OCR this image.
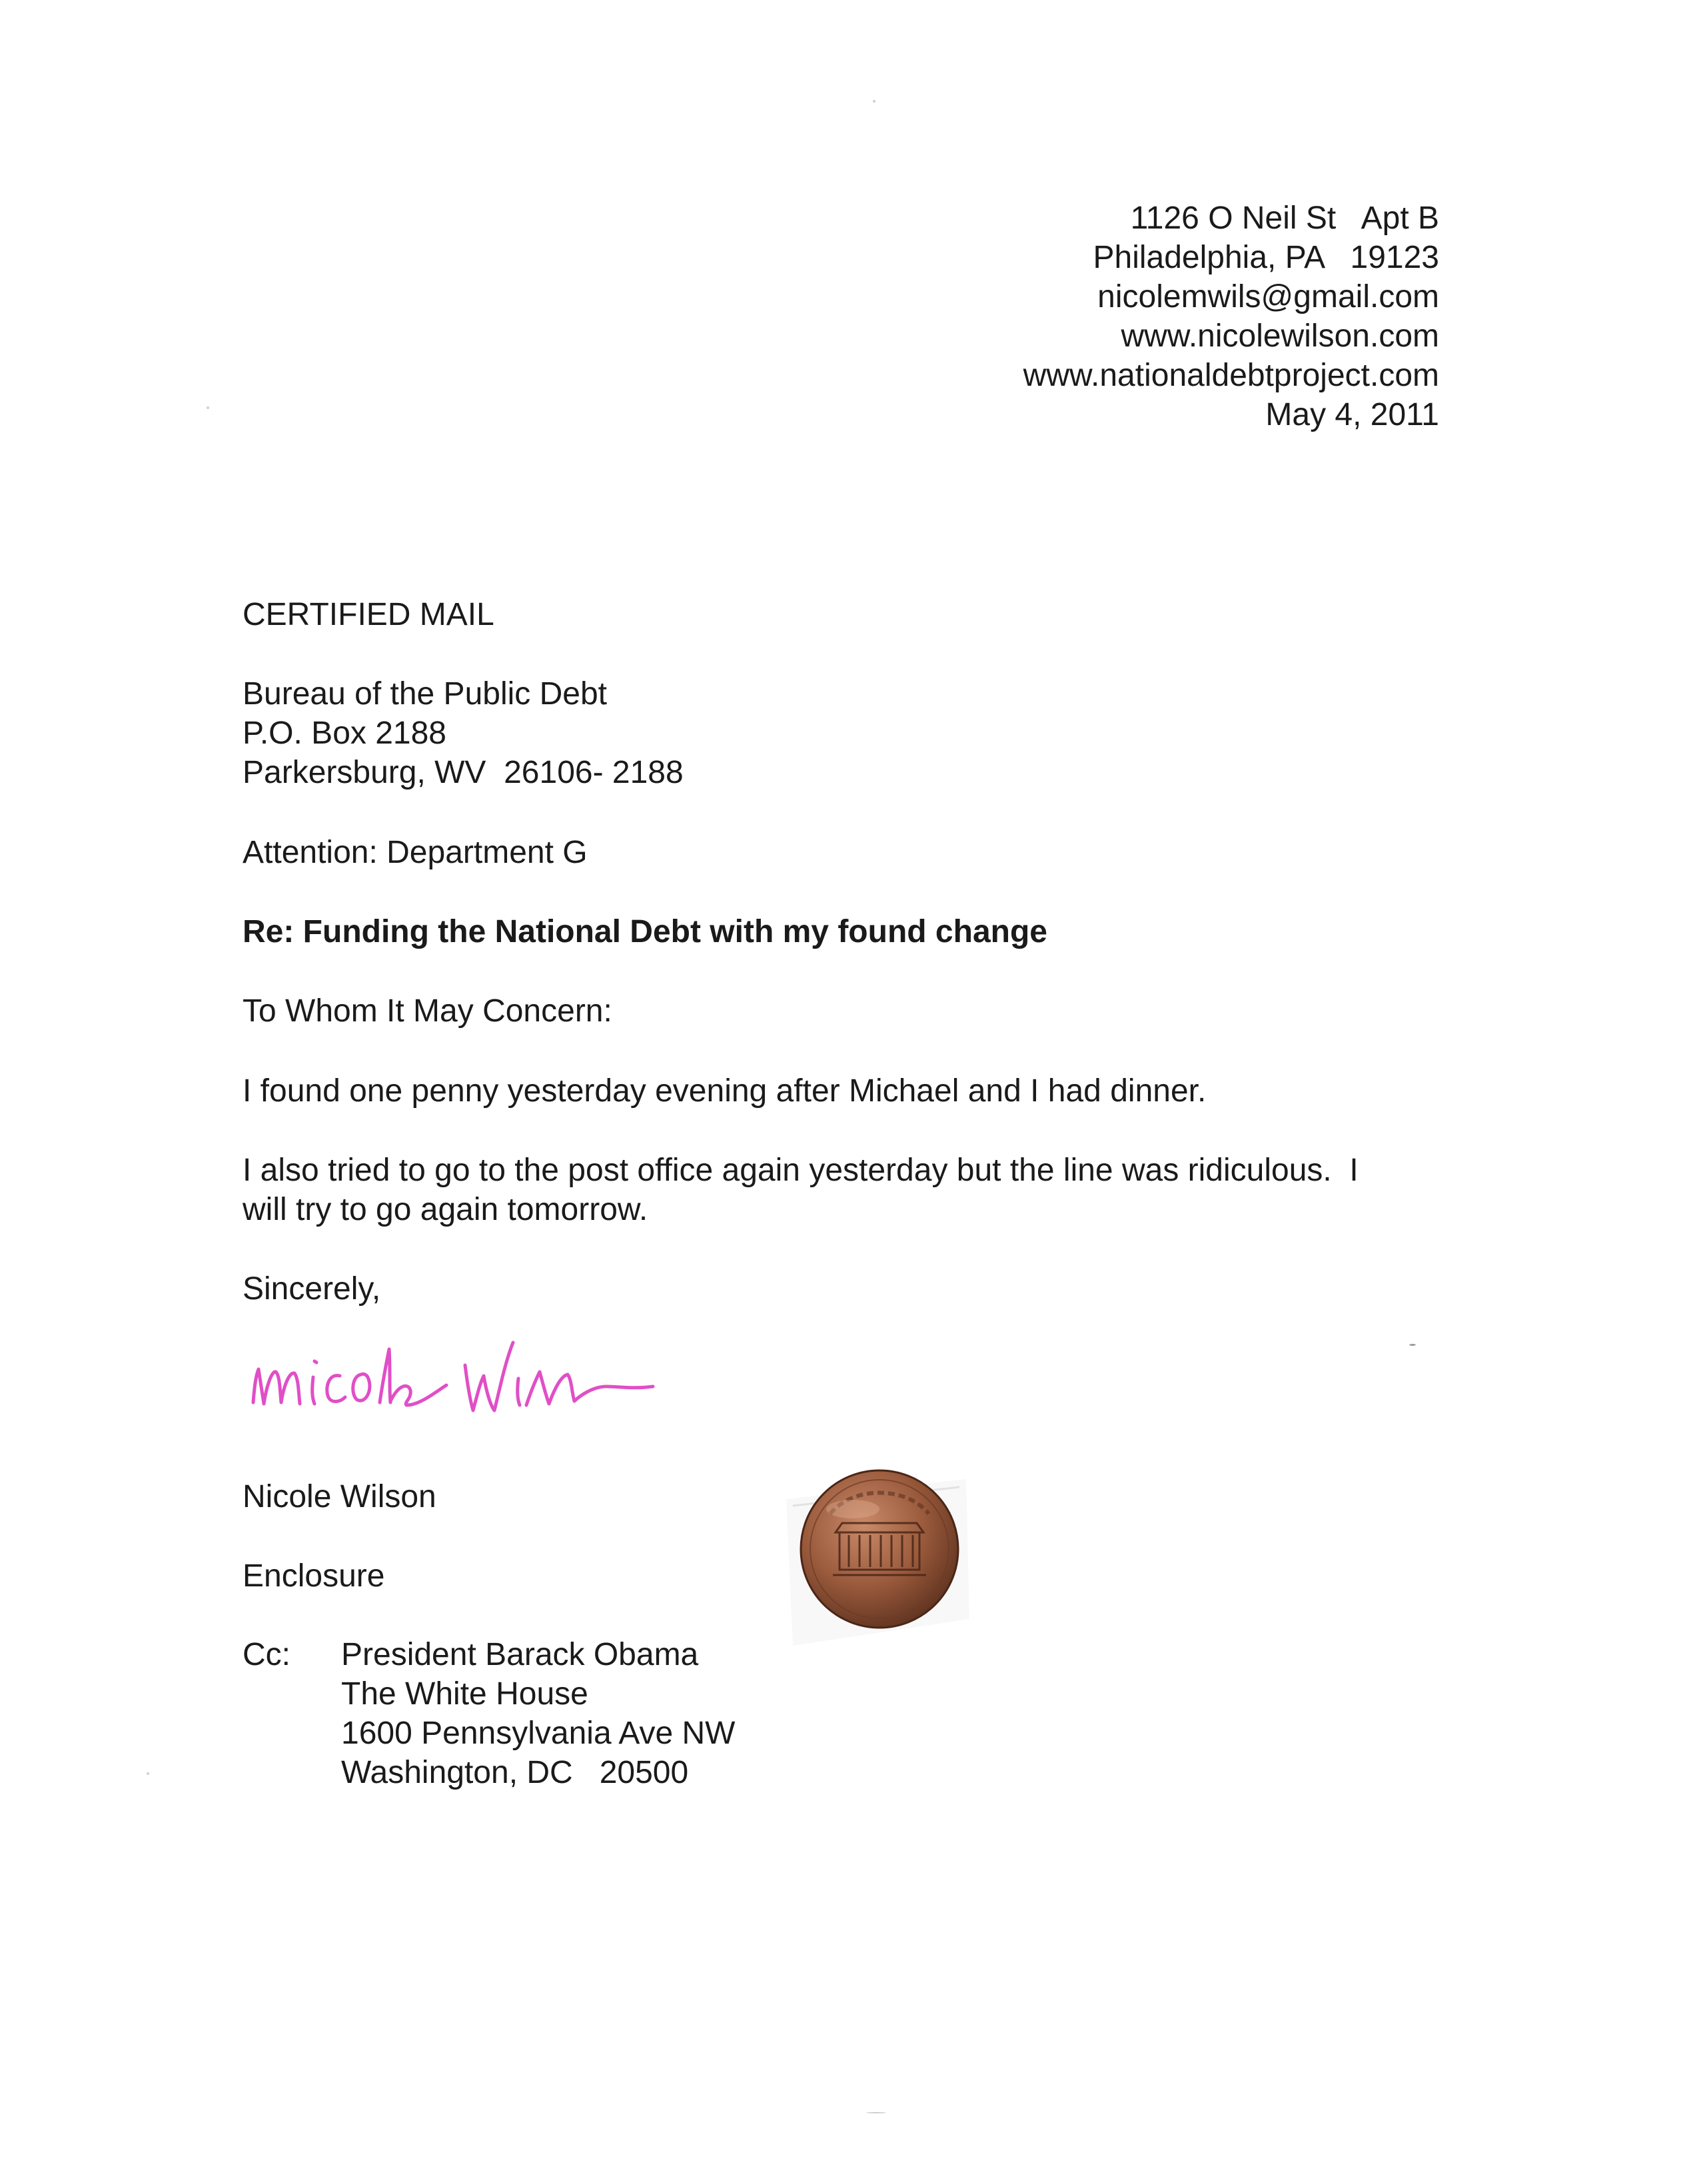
1126 O Neil St   Apt B
Philadelphia, PA   19123
nicolemwils@gmail.com
www.nicolewilson.com
www.nationaldebtproject.com
May 4, 2011
CERTIFIED MAIL
Bureau of the Public Debt
P.O. Box 2188
Parkersburg, WV  26106- 2188
Attention: Department G
Re: Funding the National Debt with my found change
To Whom It May Concern:
I found one penny yesterday evening after Michael and I had dinner.
I also tried to go to the post office again yesterday but the line was ridiculous.  I
will try to go again tomorrow.
Sincerely,
Nicole Wilson
Enclosure
Cc: President Barack Obama
The White House
1600 Pennsylvania Ave NW
Washington, DC   20500
